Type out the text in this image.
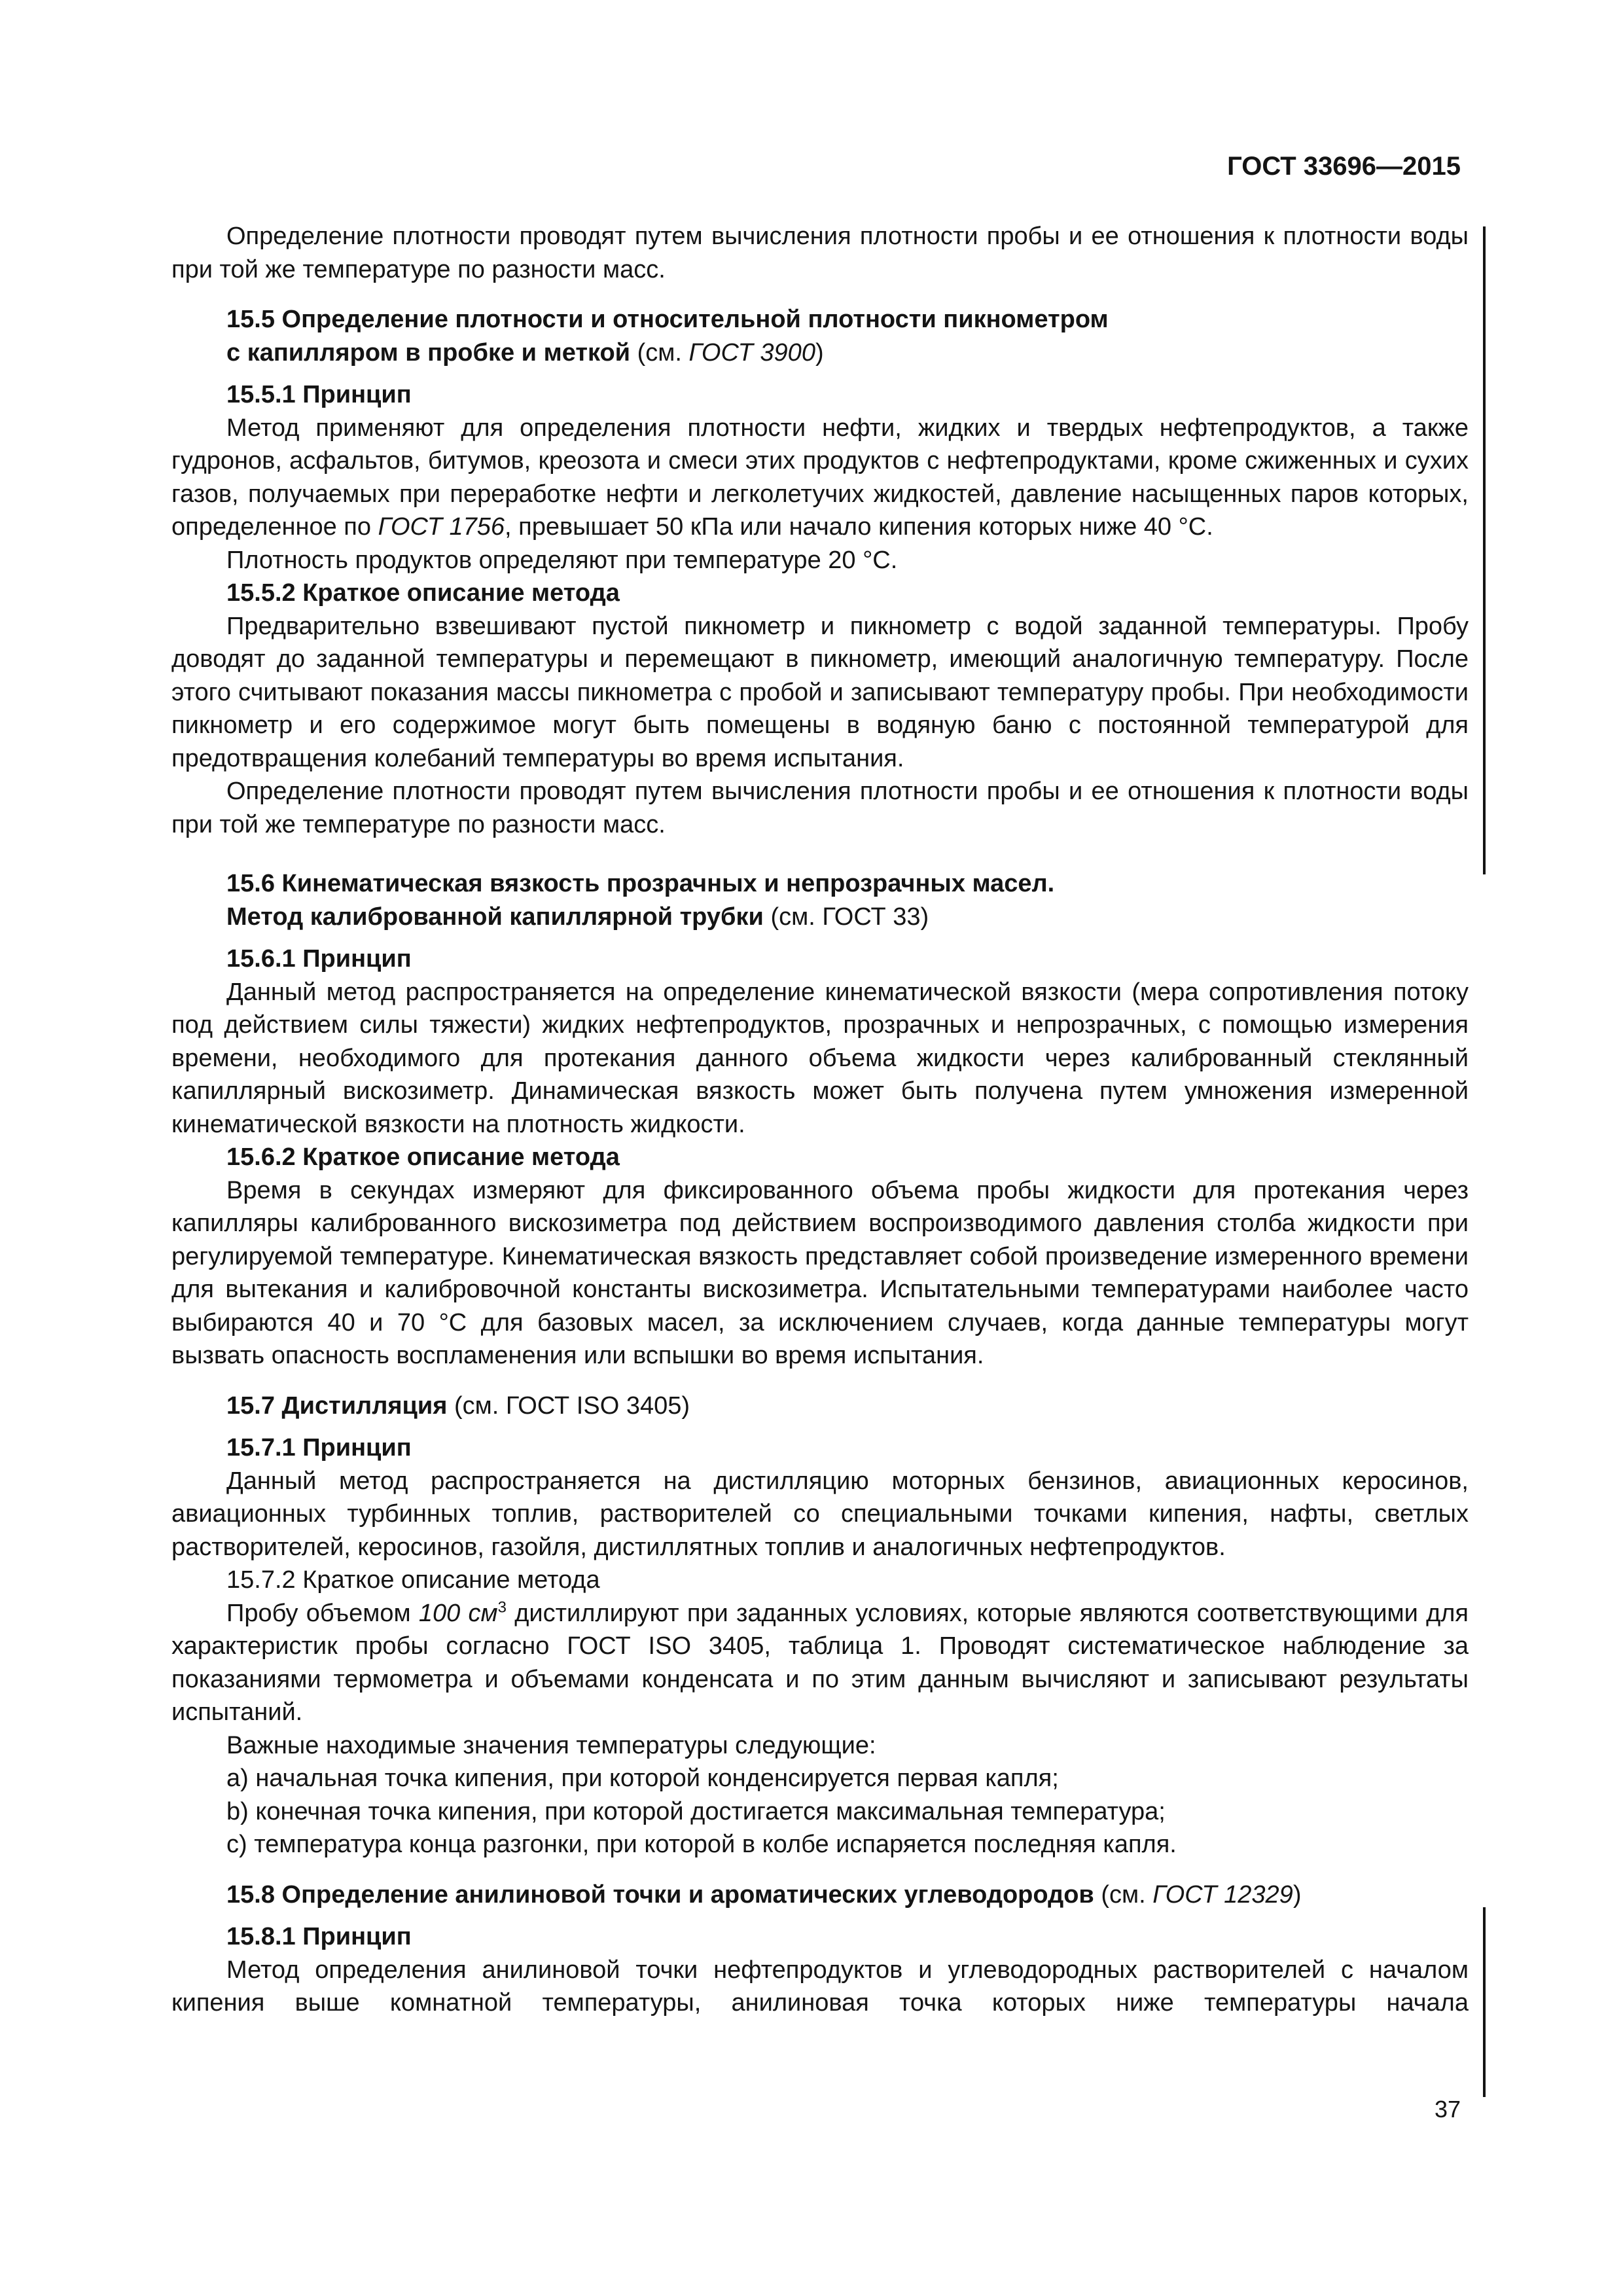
ГОСТ 33696—2015

Определение плотности проводят путем вычисления плотности пробы и ее отношения к плотности воды при той же температуре по разности масс.

15.5 Определение плотности и относительной плотности пикнометром
с капилляром в пробке и меткой (см. ГОСТ 3900)

15.5.1 Принцип

Метод применяют для определения плотности нефти, жидких и твердых нефтепродуктов, а также гудронов, асфальтов, битумов, креозота и смеси этих продуктов с нефтепродуктами, кроме сжиженных и сухих газов, получаемых при переработке нефти и легколетучих жидкостей, давление насыщенных паров которых, определенное по ГОСТ 1756, превышает 50 кПа или начало кипения которых ниже 40 °С.

Плотность продуктов определяют при температуре 20 °С.

15.5.2 Краткое описание метода

Предварительно взвешивают пустой пикнометр и пикнометр с водой заданной температуры. Пробу доводят до заданной температуры и перемещают в пикнометр, имеющий аналогичную температуру. После этого считывают показания массы пикнометра с пробой и записывают температуру пробы. При необходимости пикнометр и его содержимое могут быть помещены в водяную баню с постоянной температурой для предотвращения колебаний температуры во время испытания.

Определение плотности проводят путем вычисления плотности пробы и ее отношения к плотности воды при той же температуре по разности масс.

15.6 Кинематическая вязкость прозрачных и непрозрачных масел.
Метод калиброванной капиллярной трубки (см. ГОСТ 33)

15.6.1 Принцип

Данный метод распространяется на определение кинематической вязкости (мера сопротивления потоку под действием силы тяжести) жидких нефтепродуктов, прозрачных и непрозрачных, с помощью измерения времени, необходимого для протекания данного объема жидкости через калиброванный стеклянный капиллярный вискозиметр. Динамическая вязкость может быть получена путем умножения измеренной кинематической вязкости на плотность жидкости.

15.6.2 Краткое описание метода

Время в секундах измеряют для фиксированного объема пробы жидкости для протекания через капилляры калиброванного вискозиметра под действием воспроизводимого давления столба жидкости при регулируемой температуре. Кинематическая вязкость представляет собой произведение измеренного времени для вытекания и калибровочной константы вискозиметра. Испытательными температурами наиболее часто выбираются 40 и 70 °С для базовых масел, за исключением случаев, когда данные температуры могут вызвать опасность воспламенения или вспышки во время испытания.

15.7 Дистилляция (см. ГОСТ ISO 3405)

15.7.1 Принцип

Данный метод распространяется на дистилляцию моторных бензинов, авиационных керосинов, авиационных турбинных топлив, растворителей со специальными точками кипения, нафты, светлых растворителей, керосинов, газойля, дистиллятных топлив и аналогичных нефтепродуктов.

15.7.2 Краткое описание метода

Пробу объемом 100 $см^3$ дистиллируют при заданных условиях, которые являются соответствующими для характеристик пробы согласно ГОСТ ISO 3405, таблица 1. Проводят систематическое наблюдение за показаниями термометра и объемами конденсата и по этим данным вычисляют и записывают результаты испытаний.

Важные находимые значения температуры следующие:

a) начальная точка кипения, при которой конденсируется первая капля;

b) конечная точка кипения, при которой достигается максимальная температура;

c) температура конца разгонки, при которой в колбе испаряется последняя капля.

15.8 Определение анилиновой точки и ароматических углеводородов (см. ГОСТ 12329)

15.8.1 Принцип

Метод определения анилиновой точки нефтепродуктов и углеводородных растворителей с началом кипения выше комнатной температуры, анилиновая точка которых ниже температуры начала

37
